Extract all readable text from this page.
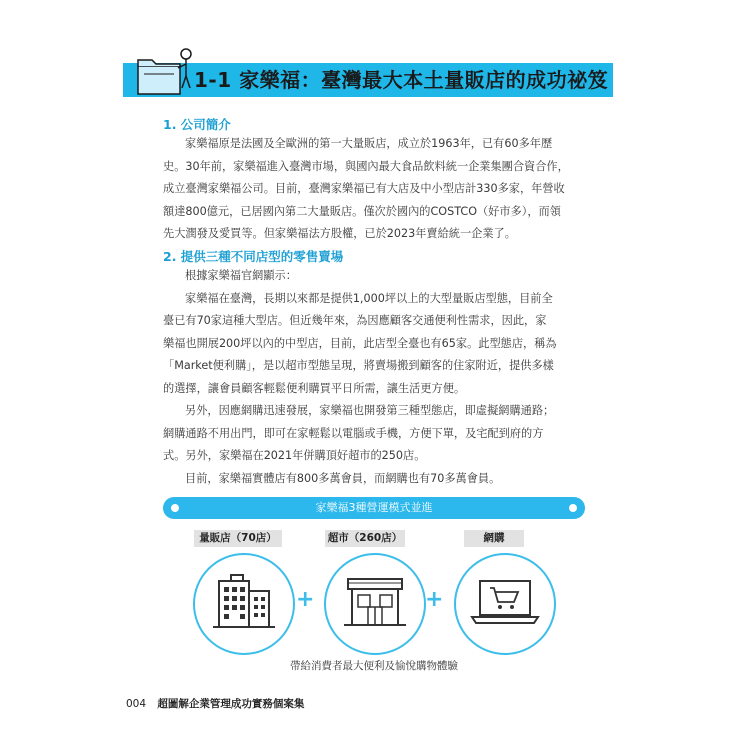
1-1 家樂福：臺灣最大本土量販店的成功祕笈
1. 公司簡介
家樂福原是法國及全歐洲的第一大量販店，成立於1963年，已有60多年歷
史。30年前，家樂福進入臺灣市場，與國內最大食品飲料統一企業集團合資合作，
成立臺灣家樂福公司。目前，臺灣家樂福已有大店及中小型店計330多家，年營收
額達800億元，已居國內第二大量販店。僅次於國內的COSTCO（好市多），而領
先大潤發及愛買等。但家樂福法方股權，已於2023年賣給統一企業了。
2. 提供三種不同店型的零售賣場
根據家樂福官網顯示：
家樂福在臺灣，長期以來都是提供1,000坪以上的大型量販店型態，目前全
臺已有70家這種大型店。但近幾年來，為因應顧客交通便利性需求，因此，家
樂福也開展200坪以內的中型店，目前，此店型全臺也有65家。此型態店，稱為
「Market便利購」，是以超市型態呈現，將賣場搬到顧客的住家附近，提供多樣
的選擇，讓會員顧客輕鬆便利購買平日所需，讓生活更方便。
另外，因應網購迅速發展，家樂福也開發第三種型態店，即虛擬網購通路；
網購通路不用出門，即可在家輕鬆以電腦或手機，方便下單，及宅配到府的方
式。另外，家樂福在2021年併購頂好超市的250店。
目前，家樂福實體店有800多萬會員，而網購也有70多萬會員。
家樂福3種營運模式並進
量販店（70店）	超市（260店）	網購
+	+
帶給消費者最大便利及愉悅購物體驗
004 超圖解企業管理成功實務個案集
